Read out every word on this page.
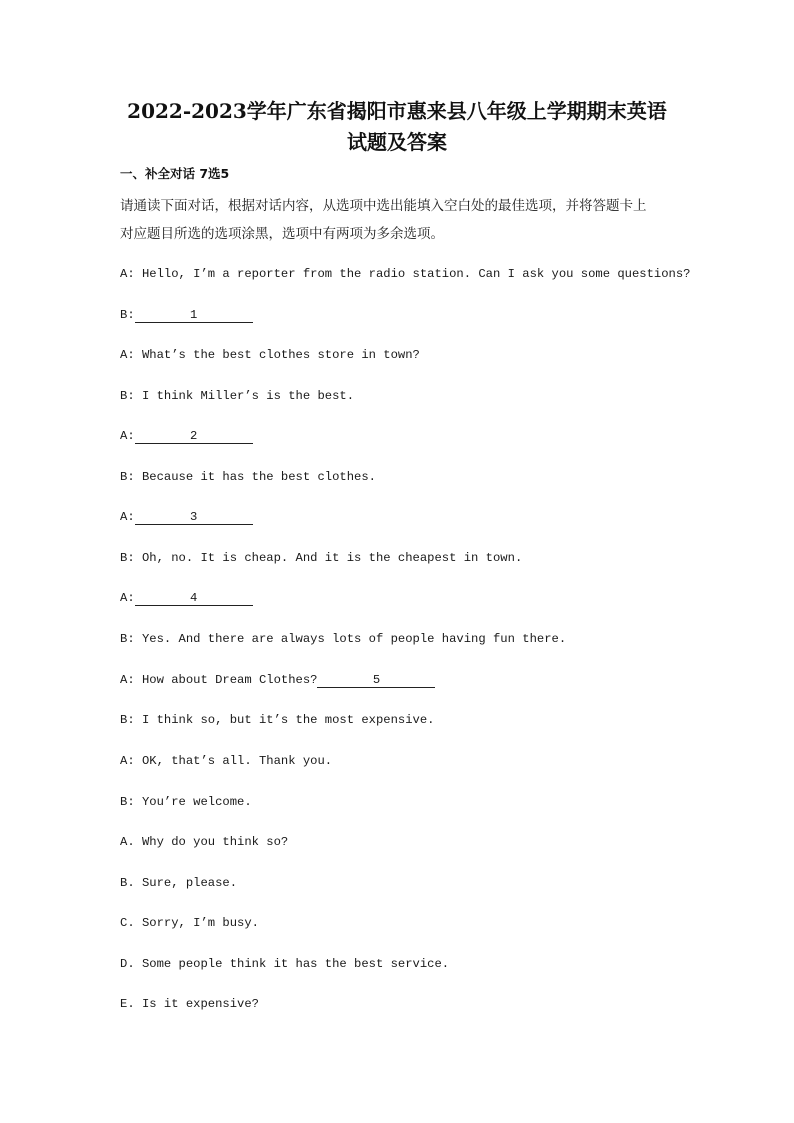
2022-2023学年广东省揭阳市惠来县八年级上学期期末英语
试题及答案
一、补全对话 7选5
请通读下面对话，根据对话内容，从选项中选出能填入空白处的最佳选项，并将答题卡上
对应题目所选的选项涂黑，选项中有两项为多余选项。
A: Hello, I’m a reporter from the radio station. Can I ask you some questions?
B:	1
A: What’s the best clothes store in town?
B: I think Miller’s is the best.
A:	2
B: Because it has the best clothes.
A:	3
B: Oh, no. It is cheap. And it is the cheapest in town.
A:	4
B: Yes. And there are always lots of people having fun there.
A: How about Dream Clothes?	5
B: I think so, but it’s the most expensive.
A: OK, that’s all. Thank you.
B: You’re welcome.
A. Why do you think so?
B. Sure, please.
C. Sorry, I’m busy.
D. Some people think it has the best service.
E. Is it expensive?
